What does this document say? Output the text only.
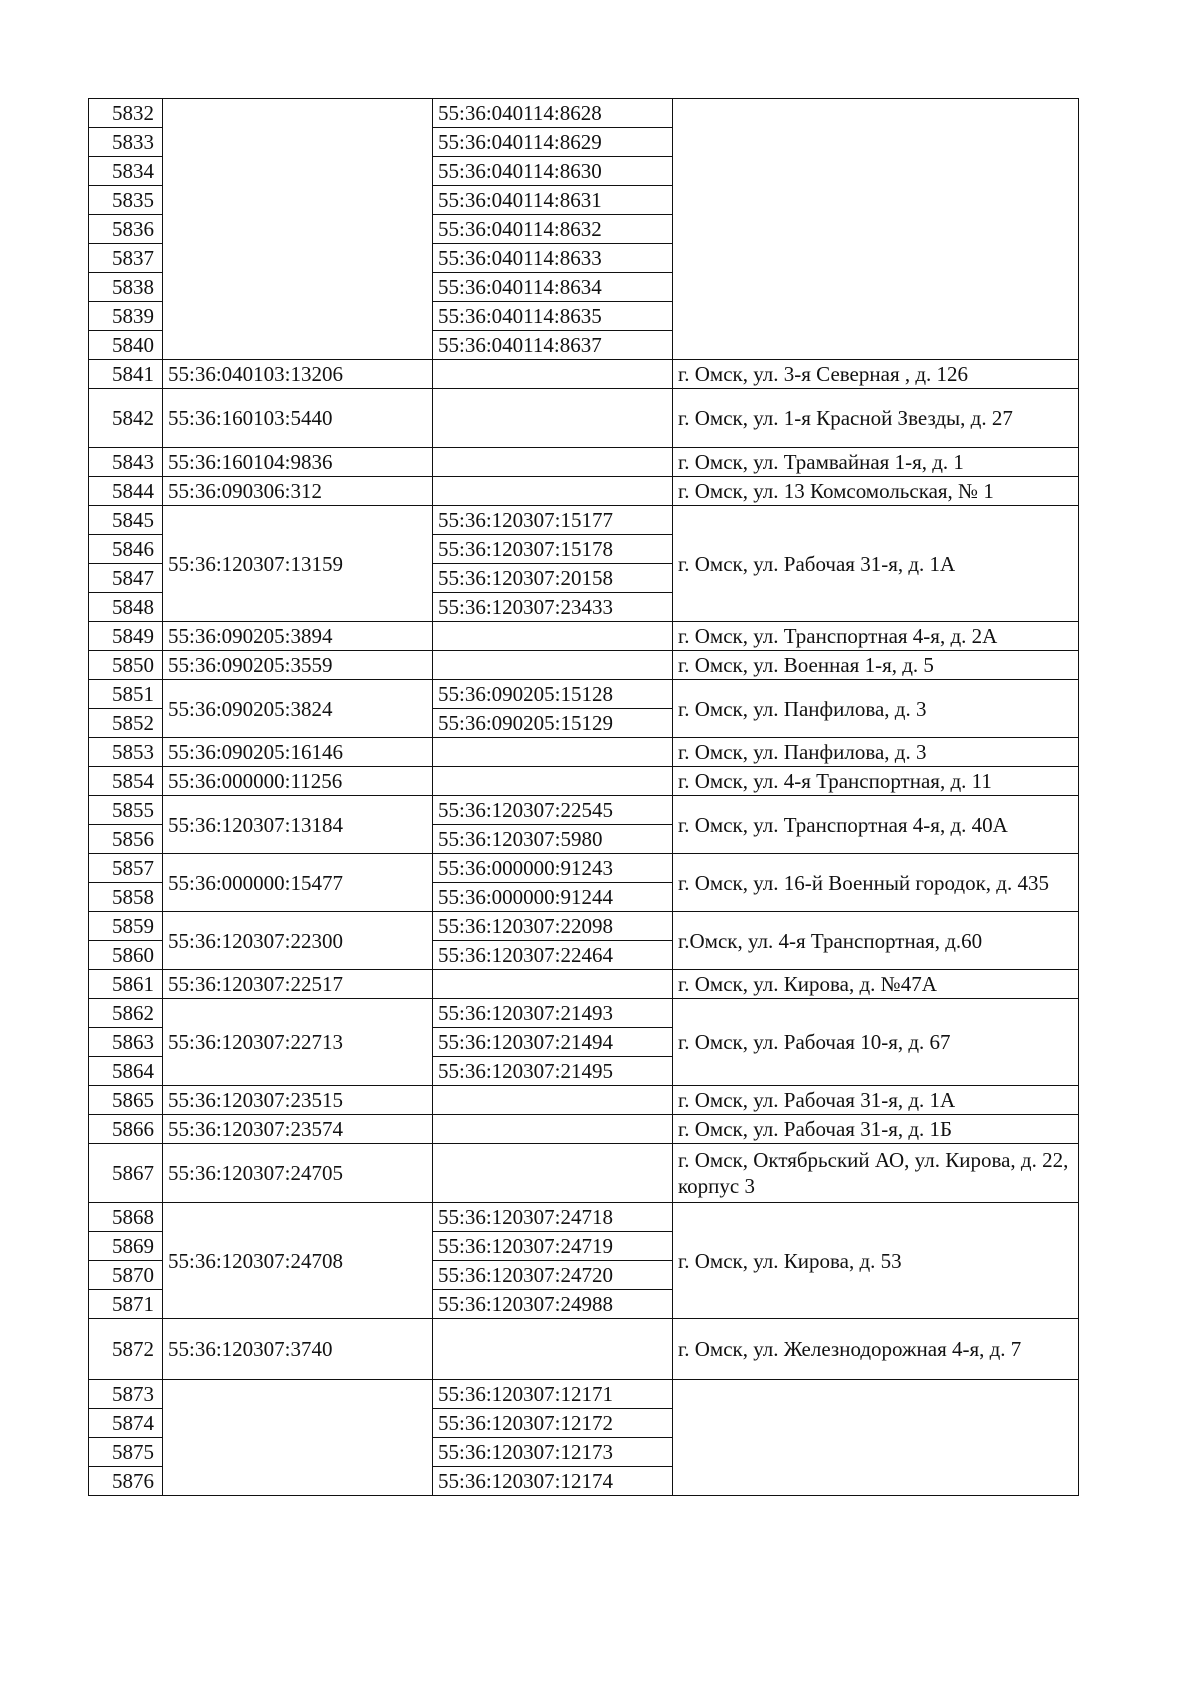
5832		55:36:040114:8628	
5833		55:36:040114:8629	
5834		55:36:040114:8630	
5835		55:36:040114:8631	
5836		55:36:040114:8632	
5837		55:36:040114:8633	
5838		55:36:040114:8634	
5839		55:36:040114:8635	
5840		55:36:040114:8637	
5841	55:36:040103:13206		г. Омск, ул. 3-я Северная , д. 126
5842	55:36:160103:5440		г. Омск, ул. 1-я Красной Звезды, д. 27
5843	55:36:160104:9836		г. Омск, ул. Трамвайная 1-я, д. 1
5844	55:36:090306:312		г. Омск, ул. 13 Комсомольская, № 1
5845	55:36:120307:13159	55:36:120307:15177	г. Омск, ул. Рабочая 31-я, д. 1А
5846		55:36:120307:15178	
5847		55:36:120307:20158	
5848		55:36:120307:23433	
5849	55:36:090205:3894		г. Омск, ул. Транспортная 4-я, д. 2А
5850	55:36:090205:3559		г. Омск, ул. Военная 1-я, д. 5
5851	55:36:090205:3824	55:36:090205:15128	г. Омск, ул. Панфилова, д. 3
5852		55:36:090205:15129	
5853	55:36:090205:16146		г. Омск, ул. Панфилова, д. 3
5854	55:36:000000:11256		г. Омск, ул. 4-я Транспортная, д. 11
5855	55:36:120307:13184	55:36:120307:22545	г. Омск, ул. Транспортная 4-я, д. 40А
5856		55:36:120307:5980	
5857	55:36:000000:15477	55:36:000000:91243	г. Омск, ул. 16-й Военный городок, д. 435
5858		55:36:000000:91244	
5859	55:36:120307:22300	55:36:120307:22098	г.Омск, ул. 4-я Транспортная, д.60
5860		55:36:120307:22464	
5861	55:36:120307:22517		г. Омск, ул. Кирова, д. №47А
5862	55:36:120307:22713	55:36:120307:21493	г. Омск, ул. Рабочая 10-я, д. 67
5863		55:36:120307:21494	
5864		55:36:120307:21495	
5865	55:36:120307:23515		г. Омск, ул. Рабочая 31-я, д. 1А
5866	55:36:120307:23574		г. Омск, ул. Рабочая 31-я, д. 1Б
5867	55:36:120307:24705		г. Омск, Октябрьский АО, ул. Кирова, д. 22, корпус 3
5868	55:36:120307:24708	55:36:120307:24718	г. Омск, ул. Кирова, д. 53
5869		55:36:120307:24719	
5870		55:36:120307:24720	
5871		55:36:120307:24988	
5872	55:36:120307:3740		г. Омск, ул. Железнодорожная 4-я, д. 7
5873		55:36:120307:12171	
5874		55:36:120307:12172	
5875		55:36:120307:12173	
5876		55:36:120307:12174	
